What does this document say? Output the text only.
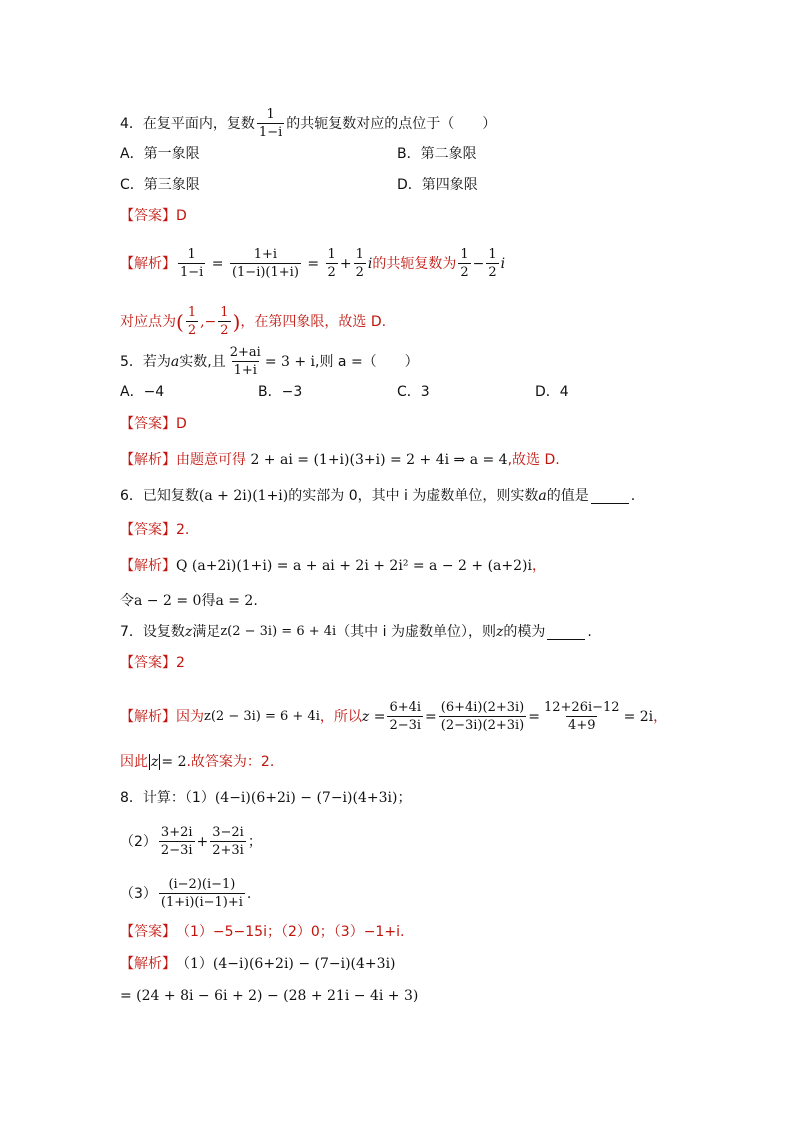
4．在复平面内，复数 $\frac{1}{1-i}$ 的共轭复数对应的点位于（　　）
A．第一象限	B．第二象限
C．第三象限	D．第四象限
【答案】 D
【解析】 $\frac{1}{1-i} = \frac{1+i}{(1-i)(1+i)} = \frac{1}{2} + \frac{1}{2}$ i 的共轭复数为 $\frac{1}{2} - \frac{1}{2}$ i
对应点为 ( $\frac{1}{2}$ ,− $\frac{1}{2}$ ) ，在第四象限，故选 D.
5．若为 a 实数,且 $\frac{2+ai}{1+i} = 3 + i$ ,则 a =（　　）
A．−4	B．−3	C．3	D．4
【答案】 D
【解析】 由题意可得
2 + ai = (1+i)(3+i) = 2 + 4i ⇒ a = 4 ,故选 D.
6．已知复数 (a + 2i)(1+i) 的实部为 0，其中 i 为虚数单位，则实数 a 的值是	.
【答案】 2.
【解析】 Q (a+2i)(1+i) = a + ai + 2i + 2i² = a − 2 + (a+2)i ，
令 a − 2 = 0 得 a = 2 .
7．设复数 z 满足 z(2 − 3i) = 6 + 4i （其中 i 为虚数单位），则 z 的模为	.
【答案】 2
【解析】 因为 z(2 − 3i) = 6 + 4i ，所以 $z = \frac{6+4i}{2-3i} = \frac{(6+4i)(2+3i)}{(2-3i)(2+3i)} = \frac{12+26i-12}{4+9} = 2i$ ，
因此 z = 2 .故答案为：2.
8．计算：（1） (4−i)(6+2i) − (7−i)(4+3i) ；
$(2) \frac{3+2i}{2-3i} + \frac{3-2i}{2+3i}$ ；
$(3) \frac{(i-2)(i-1)}{(1+i)(i-1)+i}$ .
【答案】 （1）−5−15i；（2）0；（3）−1+i.
【解析】 （1）(4−i)(6+2i) − (7−i)(4+3i)
= (24 + 8i − 6i + 2) − (28 + 21i − 4i + 3)
